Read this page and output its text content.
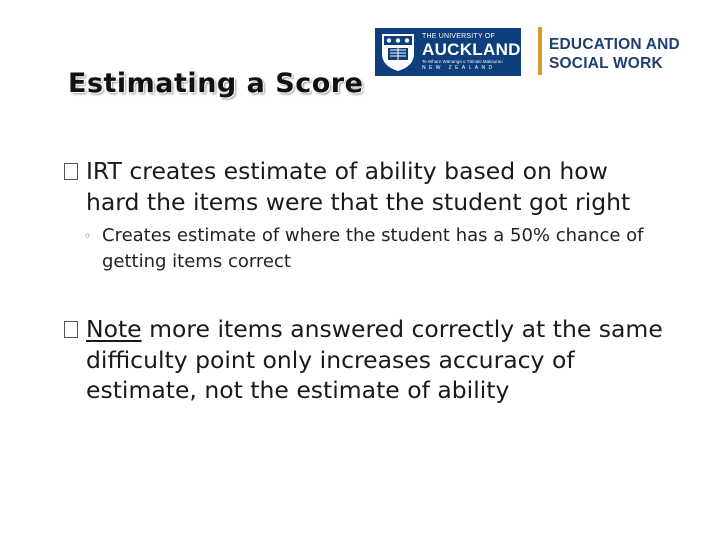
Estimating a Score
THE UNIVERSITY OF
AUCKLAND
Te Whare Wānanga o Tāmaki Makaurau
NEW ZEALAND
EDUCATION AND
SOCIAL WORK
IRT creates estimate of ability based on how hard the items were that the student got right
◦ Creates estimate of where the student has a 50% chance of getting items correct
Note more items answered correctly at the same difficulty point only increases accuracy of estimate, not the estimate of ability
